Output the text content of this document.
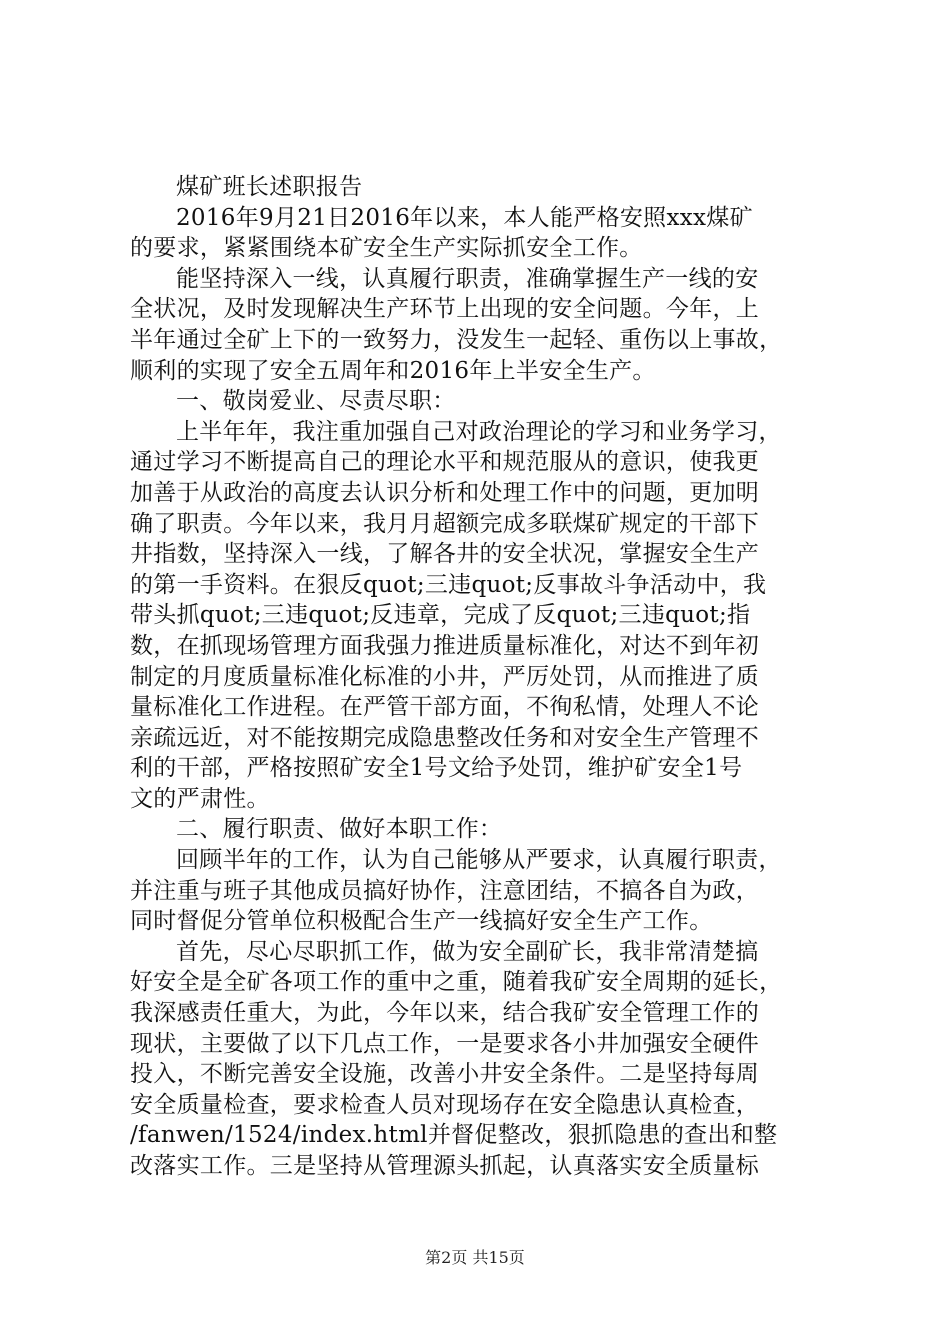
煤矿班长述职报告
2016年9月21日2016年以来，本人能严格安照xxx煤矿
的要求，紧紧围绕本矿安全生产实际抓安全工作。
能坚持深入一线，认真履行职责，准确掌握生产一线的安
全状况，及时发现解决生产环节上出现的安全问题。今年，上
半年通过全矿上下的一致努力，没发生一起轻、重伤以上事故，
顺利的实现了安全五周年和2016年上半安全生产。
一、敬岗爱业、尽责尽职：
上半年年，我注重加强自己对政治理论的学习和业务学习，
通过学习不断提高自己的理论水平和规范服从的意识，使我更
加善于从政治的高度去认识分析和处理工作中的问题，更加明
确了职责。今年以来，我月月超额完成多联煤矿规定的干部下
井指数，坚持深入一线，了解各井的安全状况，掌握安全生产
的第一手资料。在狠反quot;三违quot;反事故斗争活动中，我
带头抓quot;三违quot;反违章，完成了反quot;三违quot;指
数，在抓现场管理方面我强力推进质量标准化，对达不到年初
制定的月度质量标准化标准的小井，严厉处罚，从而推进了质
量标准化工作进程。在严管干部方面，不徇私情，处理人不论
亲疏远近，对不能按期完成隐患整改任务和对安全生产管理不
利的干部，严格按照矿安全1号文给予处罚，维护矿安全1号
文的严肃性。
二、履行职责、做好本职工作：
回顾半年的工作，认为自己能够从严要求，认真履行职责，
并注重与班子其他成员搞好协作，注意团结，不搞各自为政，
同时督促分管单位积极配合生产一线搞好安全生产工作。
首先，尽心尽职抓工作，做为安全副矿长，我非常清楚搞
好安全是全矿各项工作的重中之重，随着我矿安全周期的延长，
我深感责任重大，为此，今年以来，结合我矿安全管理工作的
现状，主要做了以下几点工作，一是要求各小井加强安全硬件
投入，不断完善安全设施，改善小井安全条件。二是坚持每周
安全质量检查，要求检查人员对现场存在安全隐患认真检查，
/fanwen/1524/index.html并督促整改，狠抓隐患的查出和整
改落实工作。三是坚持从管理源头抓起，认真落实安全质量标
第2页 共15页
